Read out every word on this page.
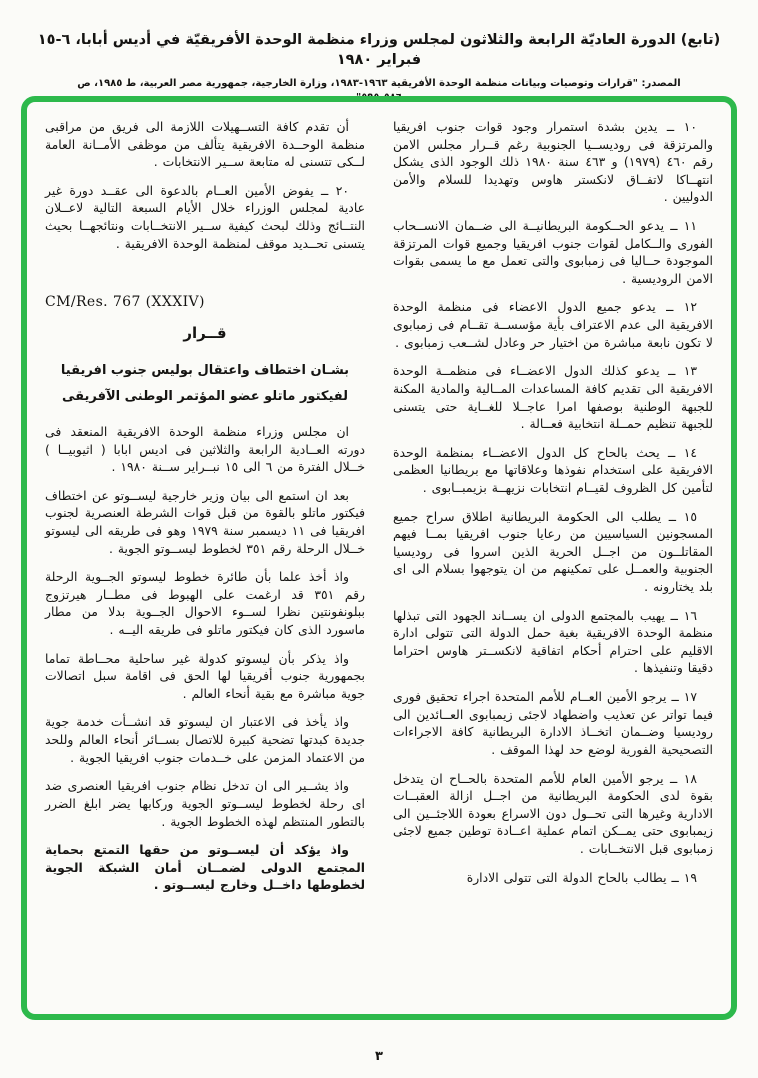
(تابع) الدورة العاديّة الرابعة والثلاثون لمجلس وزراء منظمة الوحدة الأفريقيّة في أديس أبابا، ٦-١٥ فبراير ١٩٨٠
المصدر: "قرارات وتوصيات وبيانات منظمة الوحدة الأفريقية ١٩٦٣-١٩٨٣، وزارة الخارجية، جمهورية مصر العربية، ط ١٩٨٥، ص ٥٨٦-٥٩٥"

١٠ ــ يدين بشدة استمرار وجود قوات جنوب افريقيا والمرتزقة فى روديســيا الجنوبية رغم قــرار مجلس الامن رقم ٤٦٠ (١٩٧٩) و ٤٦٣ سنة ١٩٨٠ ذلك الوجود الذى يشكل انتهــاكا لاتفــاق لانكستر هاوس وتهديدا للسلام والأمن الدوليين .

١١ ــ يدعو الحــكومة البريطانيــة الى ضــمان الانســحاب الفورى والــكامل لقوات جنوب افريقيا وجميع قوات المرتزقة الموجودة حــاليا فى زمبابوى والتى تعمل مع ما يسمى بقوات الامن الروديسية .

١٢ ــ يدعو جميع الدول الاعضاء فى منظمة الوحدة الافريقية الى عدم الاعتراف بأية مؤسســة تقــام فى زمبابوى لا تكون نابعة مباشرة من اختيار حر وعادل لشــعب زمبابوى .

١٣ ــ يدعو كذلك الدول الاعضــاء فى منظمــة الوحدة الافريقية الى تقديم كافة المساعدات المــالية والمادية المكنة للجبهة الوطنية بوصفها امرا عاجــلا للغــاية حتى يتسنى للجبهة تنظيم حمــلة انتخابية فعــالة .

١٤ ــ يحث بالحاح كل الدول الاعضــاء بمنظمة الوحدة الافريقية على استخدام نفوذها وعلاقاتها مع بريطانيا العظمى لتأمين كل الظروف لقيــام انتخابات نزيهــة بزيمبــابوى .

١٥ ــ يطلب الى الحكومة البريطانية اطلاق سراح جميع المسجونين السياسيين من رعايا جنوب افريقيا بمــا فيهم المقاتلــون من اجــل الحرية الذين اسروا فى روديسيا الجنوبية والعمــل على تمكينهم من ان يتوجهوا بسلام الى اى بلد يختارونه .

١٦ ــ يهيب بالمجتمع الدولى ان يســاند الجهود التى تبذلها منظمة الوحدة الافريقية بغية حمل الدولة التى تتولى ادارة الاقليم على احترام أحكام اتفاقية لانكســتر هاوس احتراما دقيقا وتنفيذها .

١٧ ــ يرجو الأمين العــام للأمم المتحدة اجراء تحقيق فورى فيما تواتر عن تعذيب واضطهاد لاجئى زيمبابوى العــائدين الى روديسيا وضــمان اتخــاذ الادارة البريطانية كافة الاجراءات التصحيحية الفورية لوضع حد لهذا الموقف .

١٨ ــ يرجو الأمين العام للأمم المتحدة بالحــاح ان يتدخل بقوة لدى الحكومة البريطانية من اجــل ازالة العقبــات الادارية وغيرها التى تحــول دون الاسراع بعودة اللاجئــين الى زيمبابوى حتى يمــكن اتمام عملية اعــادة توطين جميع لاجئى زمبابوى قبل الانتخــابات .

١٩ ــ يطالب بالحاح الدولة التى تتولى الادارة

أن تقدم كافة التســهيلات اللازمة الى فريق من مراقبى منظمة الوحــدة الافريقية يتألف من موظفى الأمــانة العامة لــكى تتسنى له متابعة ســير الانتخابات .

٢٠ ــ يفوض الأمين العــام بالدعوة الى عقــد دورة غير عادية لمجلس الوزراء خلال الأيام السبعة التالية لاعــلان النتــائج وذلك لبحث كيفية ســير الانتخــابات ونتائجهــا بحيث يتسنى تحــديد موقف لمنظمة الوحدة الافريقية .

CM/Res. 767 (XXXIV)
قــرار
بشـان اختطاف واعتقال بوليس جنوب افريقيا
لفيكتور ماتلو عضو المؤتمر الوطنى الآفريقى

ان مجلس وزراء منظمة الوحدة الافريقية المنعقد فى دورته العــادية الرابعة والثلاثين فى اديس ابابا ( اثيوبيــا ) خــلال الفترة من ٦ الى ١٥ نبــراير ســنة ١٩٨٠ .

بعد ان استمع الى بيان وزير خارجية ليســوتو عن اختطاف فيكتور ماتلو بالقوة من قبل قوات الشرطة العنصرية لجنوب افريقيا فى ١١ ديسمبر سنة ١٩٧٩ وهو فى طريقه الى ليسوتو خــلال الرحلة رقم ٣٥١ لخطوط ليســوتو الجوية .

واذ أخذ علما بأن طائرة خطوط ليسوتو الجــوية الرحلة رقم ٣٥١ قد ارغمت على الهبوط فى مطــار هيرتزوج ببلونفونتين نظرا لســوء الاحوال الجــوية بدلا من مطار ماسورد الذى كان فيكتور ماتلو فى طريقه اليــه .

واذ يذكر بأن ليسوتو كدولة غير ساحلية محــاطة تماما بجمهورية جنوب أفريقيا لها الحق فى اقامة سبل اتصالات جوية مباشرة مع بقية أنحاء العالم .

واذ يأخذ فى الاعتبار ان ليسوتو قد انشــأت خدمة جوية جديدة كبدتها تضحية كبيرة للاتصال بســائر أنحاء العالم وللحد من الاعتماد المزمن على خــدمات جنوب افريقيا الجوية .

واذ يشــير الى ان تدخل نظام جنوب افريقيا العنصرى ضد اى رحلة لخطوط ليســوتو الجوية وركابها يضر ابلغ الضرر بالتطور المنتظم لهذه الخطوط الجوية .

واذ يؤكد أن ليســوتو من حقها التمتع بحماية المجتمع الدولى لضمــان أمان الشبكة الجوية لخطوطها داخــل وخارج ليســوتو .

٣
